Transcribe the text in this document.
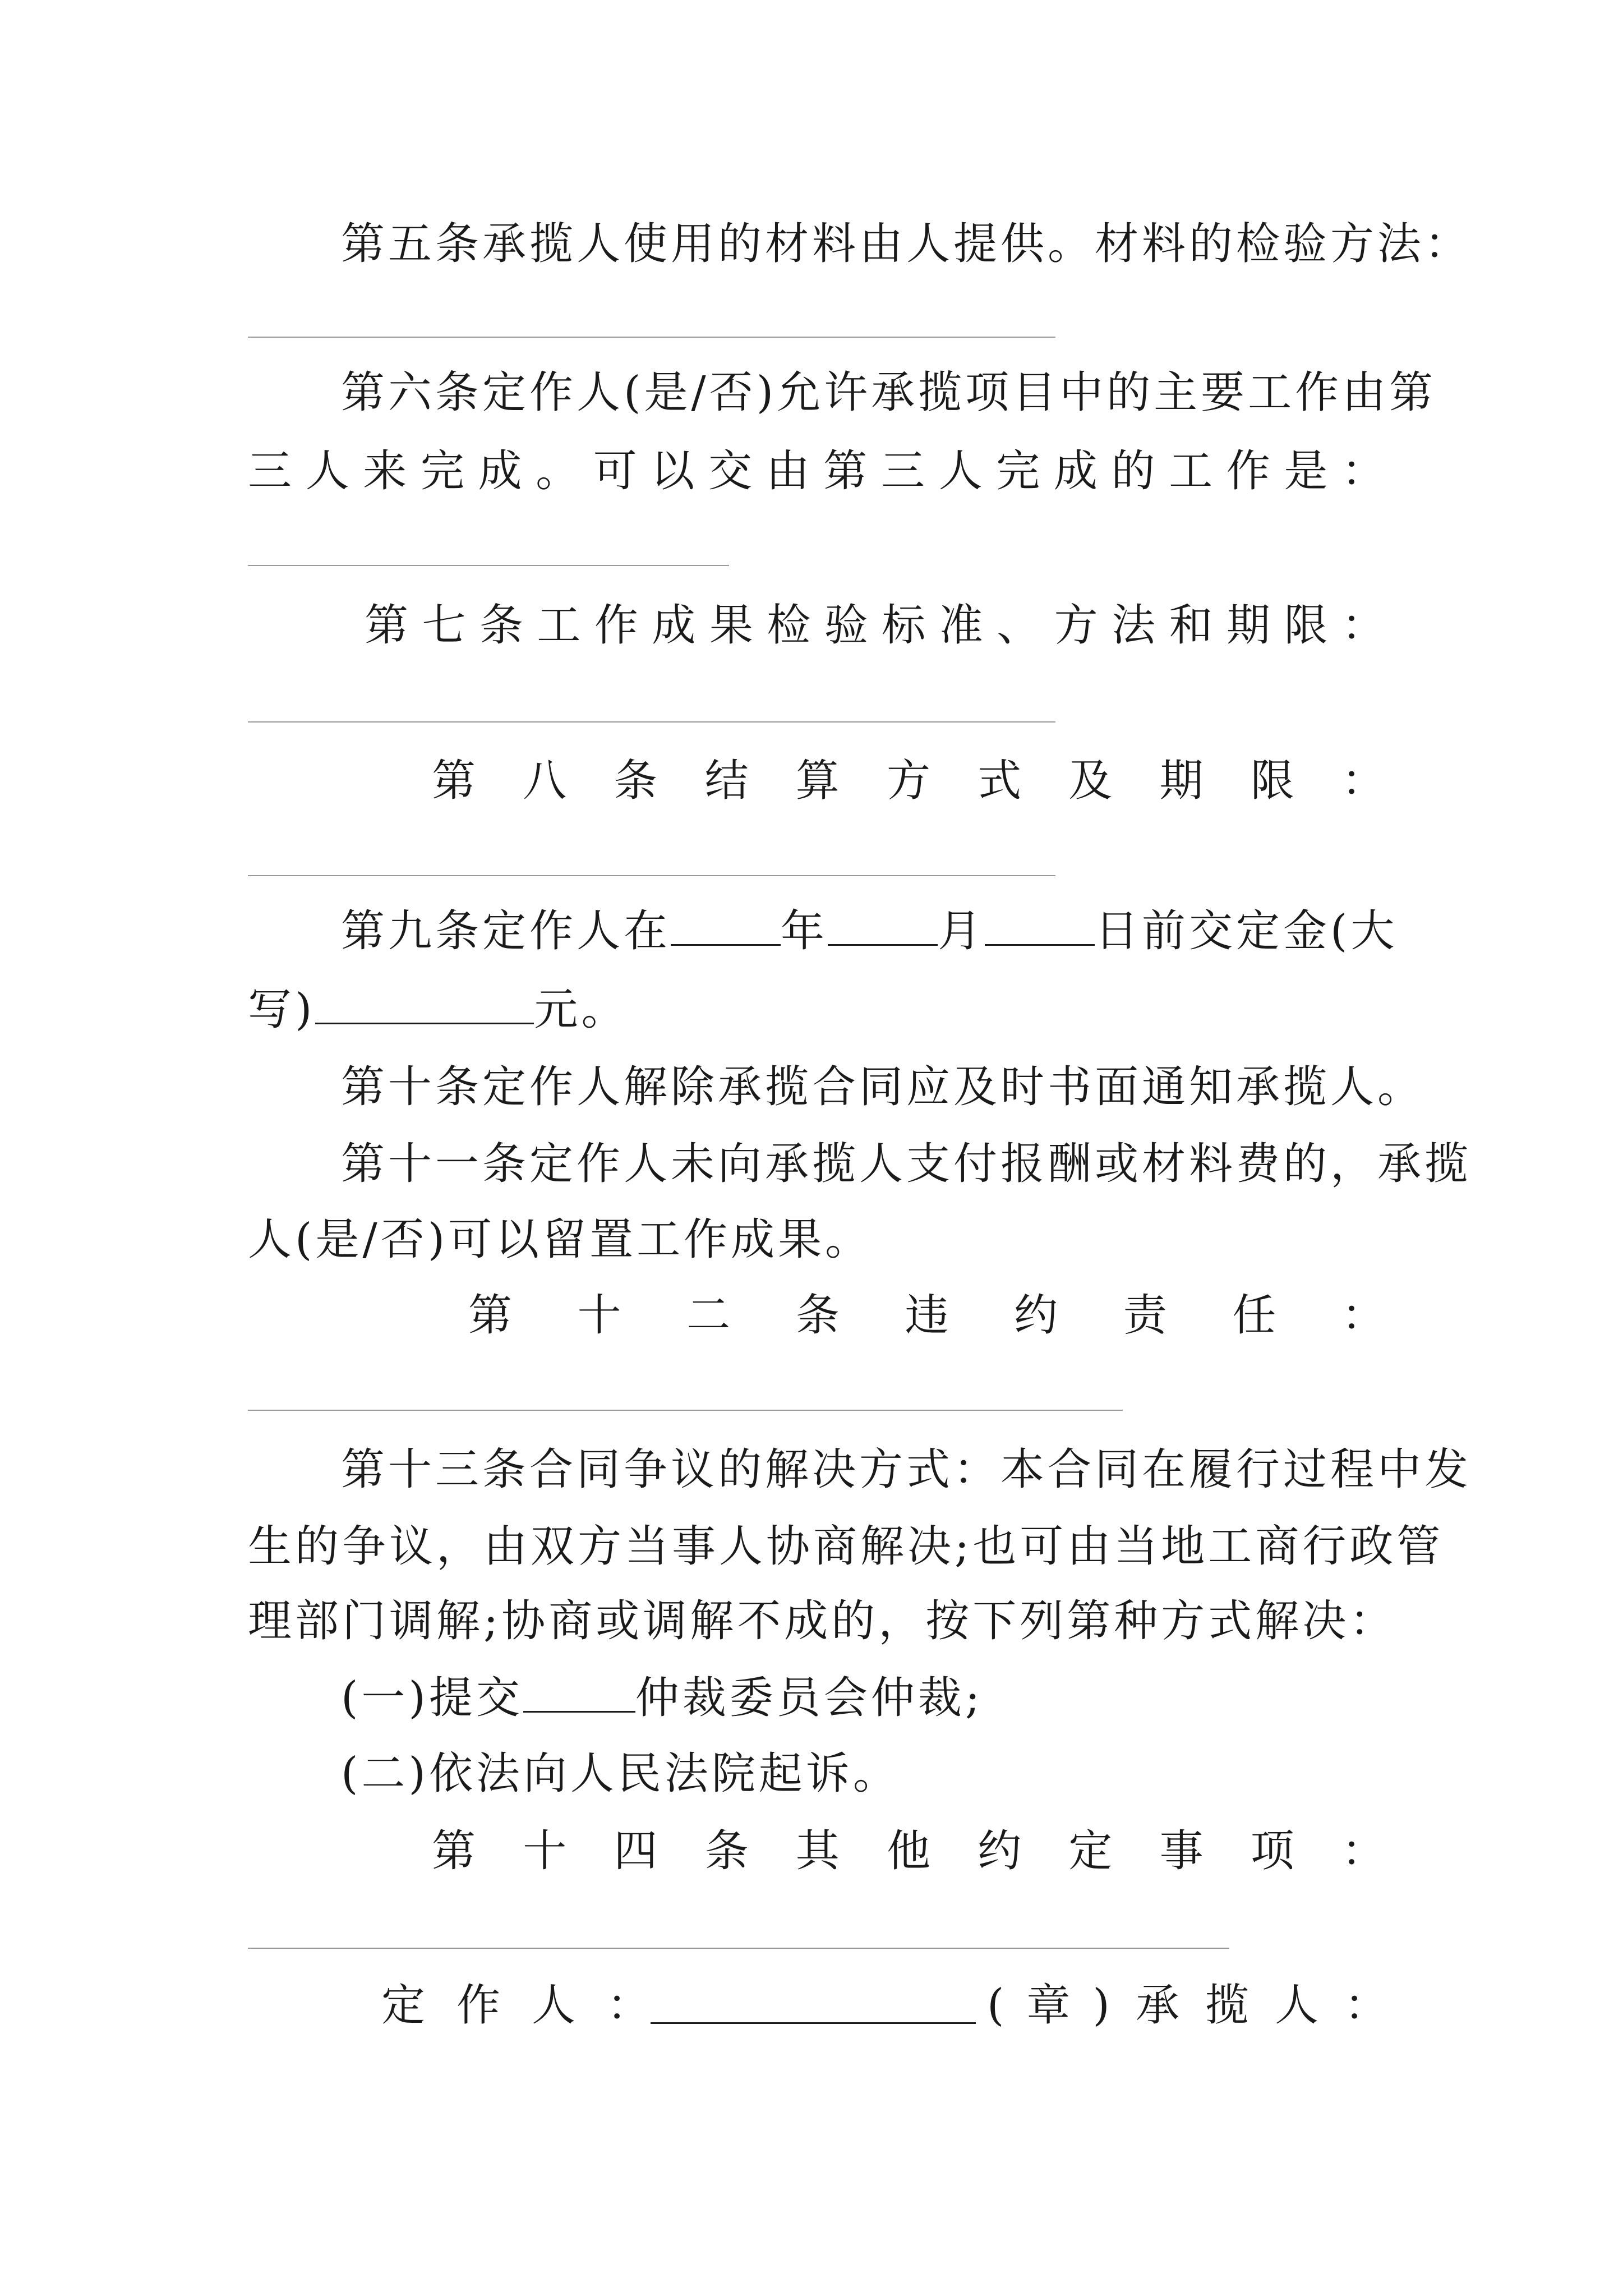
第五条承揽人使用的材料由人提供。材料的检验方法：
第六条定作人(是/否)允许承揽项目中的主要工作由第
三人来完成。可以交由第三人完成的工作是：
第七条工作成果检验标准、方法和期限：
第八条结算方式及期限：
第九条定作人在	年	月	日前交定金(大
写)	元。
第十条定作人解除承揽合同应及时书面通知承揽人。
第十一条定作人未向承揽人支付报酬或材料费的，承揽
人(是/否)可以留置工作成果。
第十二条违约责任：
第十三条合同争议的解决方式：本合同在履行过程中发
生的争议，由双方当事人协商解决;也可由当地工商行政管
理部门调解;协商或调解不成的，按下列第种方式解决：
(一)提交	仲裁委员会仲裁;
(二)依法向人民法院起诉。
第十四条其他约定事项：
定作人：	(章) 承揽人：
